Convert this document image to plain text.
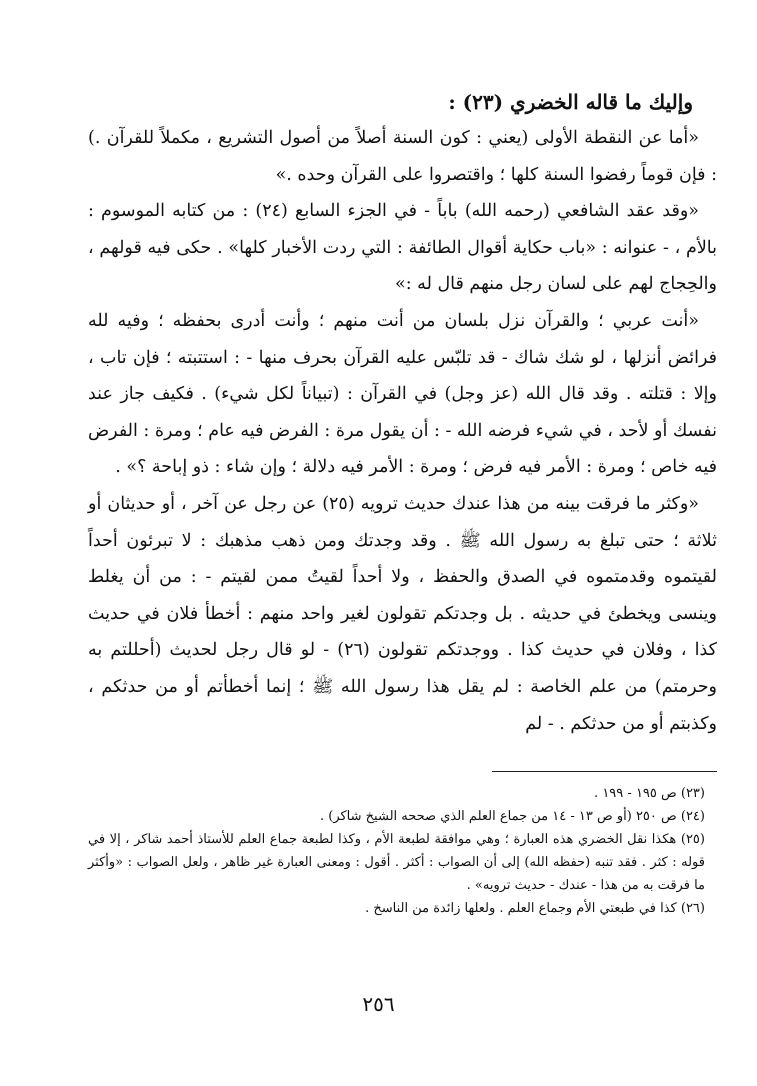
وإليك ما قاله الخضري (٢٣) :

«أما عن النقطة الأولى (يعني : كون السنة أصلاً من أصول التشريع ، مكملاً للقرآن .) : فإن قوماً رفضوا السنة كلها ؛ واقتصروا على القرآن وحده .»

«وقد عقد الشافعي (رحمه الله) باباً - في الجزء السابع (٢٤) : من كتابه الموسوم : بالأم ، - عنوانه : «باب حكاية أقوال الطائفة : التي ردت الأخبار كلها» . حكى فيه قولهم ، والحِجاج لهم على لسان رجل منهم قال له :»

«أنت عربي ؛ والقرآن نزل بلسان من أنت منهم ؛ وأنت أدرى بحفظه ؛ وفيه لله فرائض أنزلها ، لو شك شاك - قد تلبّس عليه القرآن بحرف منها - : استتبته ؛ فإن تاب ، وإلا : قتلته . وقد قال الله (عز وجل) في القرآن : (تبياناً لكل شيء) . فكيف جاز عند نفسك أو لأحد ، في شيء فرضه الله - : أن يقول مرة : الفرض فيه عام ؛ ومرة : الفرض فيه خاص ؛ ومرة : الأمر فيه فرض ؛ ومرة : الأمر فيه دلالة ؛ وإن شاء : ذو إباحة ؟» .

«وكثر ما فرقت بينه من هذا عندك حديث ترويه (٢٥) عن رجل عن آخر ، أو حديثان أو ثلاثة ؛ حتى تبلغ به رسول الله ﷺ . وقد وجدتك ومن ذهب مذهبك : لا تبرئون أحداً لقيتموه وقدمتموه في الصدق والحفظ ، ولا أحداً لقيتُ ممن لقيتم - : من أن يغلط وينسى ويخطئ في حديثه . بل وجدتكم تقولون لغير واحد منهم : أخطأ فلان في حديث كذا ، وفلان في حديث كذا . ووجدتكم تقولون (٢٦) - لو قال رجل لحديث (أحللتم به وحرمتم) من علم الخاصة : لم يقل هذا رسول الله ﷺ ؛ إنما أخطأتم أو من حدثكم ، وكذبتم أو من حدثكم . - لم

(٢٣) ص ١٩٥ - ١٩٩ .

(٢٤) ص ٢٥٠ (أو ص ١٣ - ١٤ من جماع العلم الذي صححه الشيخ شاكر) .

(٢٥) هكذا نقل الخضري هذه العبارة ؛ وهي موافقة لطبعة الأم ، وكذا لطبعة جماع العلم للأستاذ أحمد شاكر ، إلا في قوله : كثر . فقد تنبه (حفظه الله) إلى أن الصواب : أكثر . أقول : ومعنى العبارة غير ظاهر ، ولعل الصواب : «وأكثر ما فرقت به من هذا - عندك - حديث ترويه» .

(٢٦) كذا في طبعتي الأم وجماع العلم . ولعلها زائدة من الناسخ .

٢٥٦
